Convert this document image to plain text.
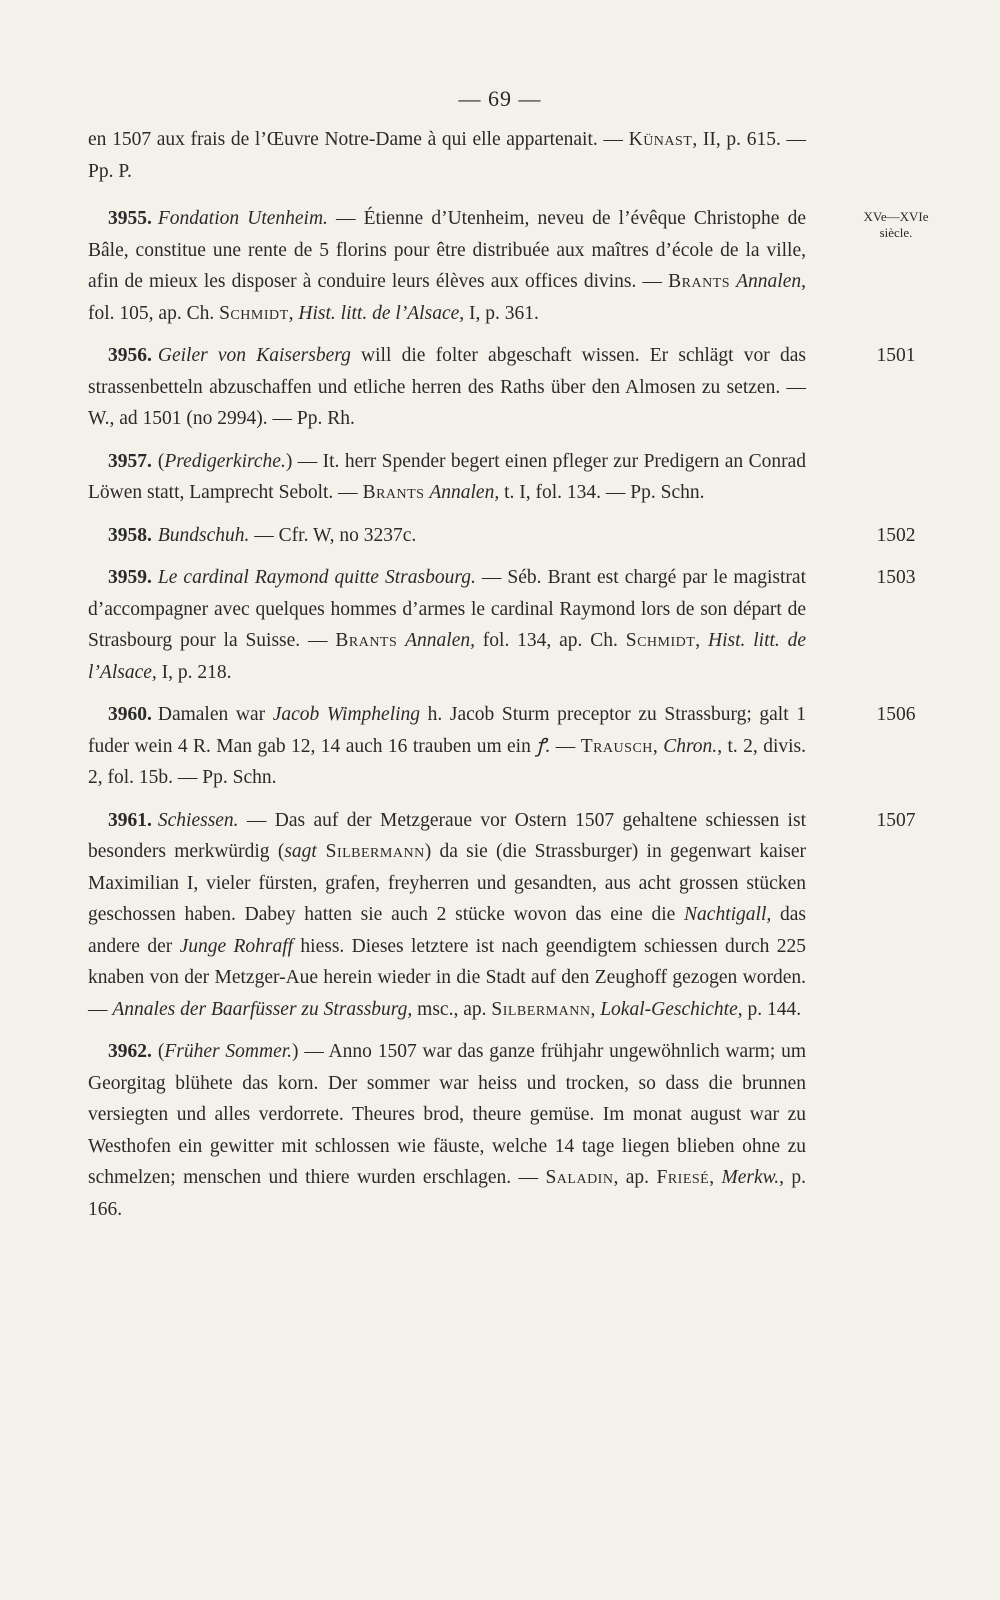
— 69 —

en 1507 aux frais de l’Œuvre Notre-Dame à qui elle appartenait. — Künast, II, p. 615. — Pp. P.

XVe—XVIe
siècle.
3955. Fondation Utenheim. — Étienne d’Utenheim, neveu de l’évêque Christophe de Bâle, constitue une rente de 5 florins pour être distribuée aux maîtres d’école de la ville, afin de mieux les disposer à conduire leurs élèves aux offices divins. — Brants Annalen, fol. 105, ap. Ch. Schmidt, Hist. litt. de l’Alsace, I, p. 361.

1501
3956. Geiler von Kaisersberg will die folter abgeschaft wissen. Er schlägt vor das strassenbetteln abzuschaffen und etliche herren des Raths über den Almosen zu setzen. — W., ad 1501 (no 2994). — Pp. Rh.

3957. (Predigerkirche.) — It. herr Spender begert einen pfleger zur Predigern an Conrad Löwen statt, Lamprecht Sebolt. — Brants Annalen, t. I, fol. 134. — Pp. Schn.

1502
3958. Bundschuh. — Cfr. W, no 3237c.

1503
3959. Le cardinal Raymond quitte Strasbourg. — Séb. Brant est chargé par le magistrat d’accompagner avec quelques hommes d’armes le cardinal Raymond lors de son départ de Strasbourg pour la Suisse. — Brants Annalen, fol. 134, ap. Ch. Schmidt, Hist. litt. de l’Alsace, I, p. 218.

1506
3960. Damalen war Jacob Wimpheling h. Jacob Sturm preceptor zu Strassburg; galt 1 fuder wein 4 R. Man gab 12, 14 auch 16 trauben um ein ꝭ. — Trausch, Chron., t. 2, divis. 2, fol. 15b. — Pp. Schn.

1507
3961. Schiessen. — Das auf der Metzgeraue vor Ostern 1507 gehaltene schiessen ist besonders merkwürdig (sagt Silbermann) da sie (die Strassburger) in gegenwart kaiser Maximilian I, vieler fürsten, grafen, freyherren und gesandten, aus acht grossen stücken geschossen haben. Dabey hatten sie auch 2 stücke wovon das eine die Nachtigall, das andere der Junge Rohraff hiess. Dieses letztere ist nach geendigtem schiessen durch 225 knaben von der Metzger-Aue herein wieder in die Stadt auf den Zeughoff gezogen worden. — Annales der Baarfüsser zu Strassburg, msc., ap. Silbermann, Lokal-Geschichte, p. 144.

3962. (Früher Sommer.) — Anno 1507 war das ganze frühjahr ungewöhnlich warm; um Georgitag blühete das korn. Der sommer war heiss und trocken, so dass die brunnen versiegten und alles verdorrete. Theures brod, theure gemüse. Im monat august war zu Westhofen ein gewitter mit schlossen wie fäuste, welche 14 tage liegen blieben ohne zu schmelzen; menschen und thiere wurden erschlagen. — Saladin, ap. Friesé, Merkw., p. 166.
